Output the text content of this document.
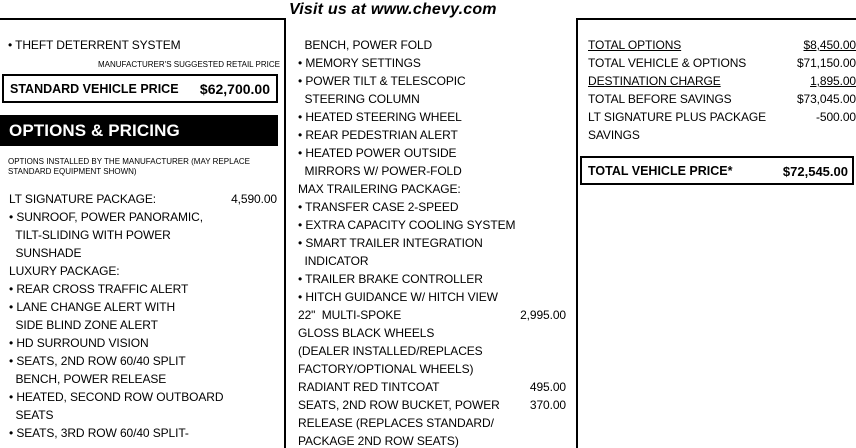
Visit us at www.chevy.com
• THEFT DETERRENT SYSTEM
MANUFACTURER'S SUGGESTED RETAIL PRICE
STANDARD VEHICLE PRICE $62,700.00
OPTIONS & PRICING
OPTIONS INSTALLED BY THE MANUFACTURER (MAY REPLACE STANDARD EQUIPMENT SHOWN)
LT SIGNATURE PACKAGE:	4,590.00
• SUNROOF, POWER PANORAMIC,
TILT-SLIDING WITH POWER
SUNSHADE
LUXURY PACKAGE:
• REAR CROSS TRAFFIC ALERT
• LANE CHANGE ALERT WITH
SIDE BLIND ZONE ALERT
• HD SURROUND VISION
• SEATS, 2ND ROW 60/40 SPLIT
BENCH, POWER RELEASE
• HEATED, SECOND ROW OUTBOARD
SEATS
• SEATS, 3RD ROW 60/40 SPLIT-
BENCH, POWER FOLD
• MEMORY SETTINGS
• POWER TILT & TELESCOPIC
STEERING COLUMN
• HEATED STEERING WHEEL
• REAR PEDESTRIAN ALERT
• HEATED POWER OUTSIDE
MIRRORS W/ POWER-FOLD
MAX TRAILERING PACKAGE:
• TRANSFER CASE 2-SPEED
• EXTRA CAPACITY COOLING SYSTEM
• SMART TRAILER INTEGRATION
INDICATOR
• TRAILER BRAKE CONTROLLER
• HITCH GUIDANCE W/ HITCH VIEW
22"  MULTI-SPOKE	2,995.00
GLOSS BLACK WHEELS
(DEALER INSTALLED/REPLACES
FACTORY/OPTIONAL WHEELS)
RADIANT RED TINTCOAT	495.00
SEATS, 2ND ROW BUCKET, POWER	370.00
RELEASE (REPLACES STANDARD/
PACKAGE 2ND ROW SEATS)
TOTAL OPTIONS	$8,450.00
TOTAL VEHICLE & OPTIONS	$71,150.00
DESTINATION CHARGE	1,895.00
TOTAL BEFORE SAVINGS	$73,045.00
LT SIGNATURE PLUS PACKAGE	-500.00
SAVINGS
TOTAL VEHICLE PRICE*	$72,545.00
